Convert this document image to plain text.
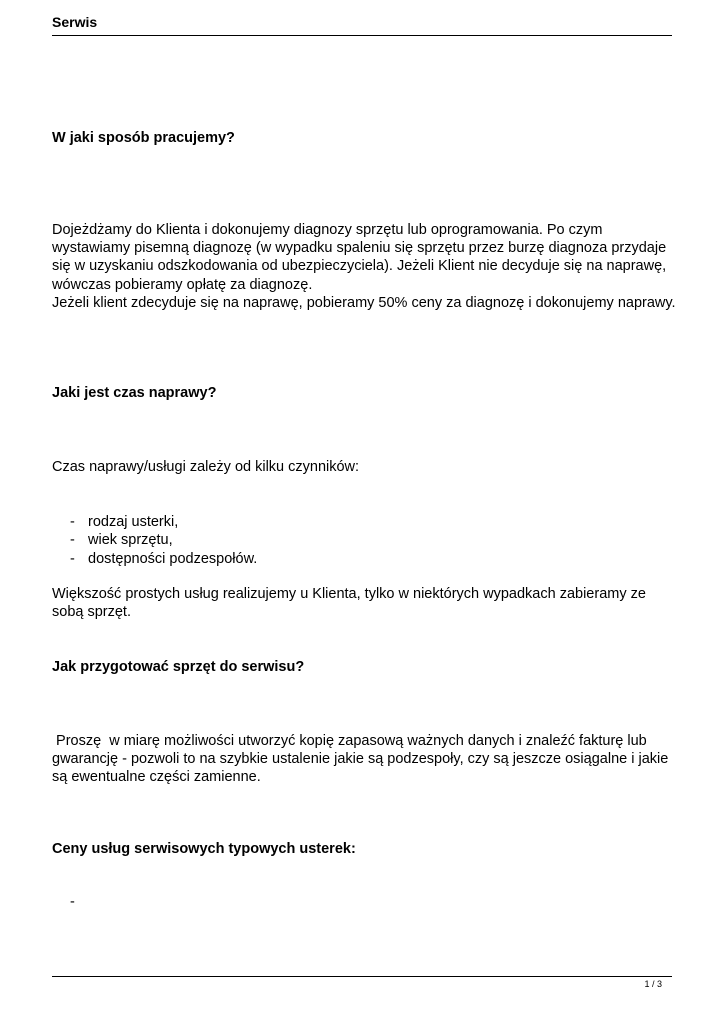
Serwis
W jaki sposób pracujemy?

Dojeżdżamy do Klienta i dokonujemy diagnozy sprzętu lub oprogramowania. Po czym wystawiamy pisemną diagnozę (w wypadku spaleniu się sprzętu przez burzę diagnoza przydaje się w uzyskaniu odszkodowania od ubezpieczyciela). Jeżeli Klient nie decyduje się na naprawę, wówczas pobieramy opłatę za diagnozę.

Jeżeli klient zdecyduje się na naprawę, pobieramy 50% ceny za diagnozę i dokonujemy naprawy.

Jaki jest czas naprawy?
Czas naprawy/usługi zależy od kilku czynników:
- rodzaj usterki,
- wiek sprzętu,
- dostępności podzespołów.
Większość prostych usług realizujemy u Klienta, tylko w niektórych wypadkach zabieramy ze sobą sprzęt.
Jak przygotować sprzęt do serwisu?
Proszę  w miarę możliwości utworzyć kopię zapasową ważnych danych i znaleźć fakturę lub gwarancję - pozwoli to na szybkie ustalenie jakie są podzespoły, czy są jeszcze osiągalne i jakie są ewentualne części zamienne.
Ceny usług serwisowych typowych usterek:
-
1 / 3
